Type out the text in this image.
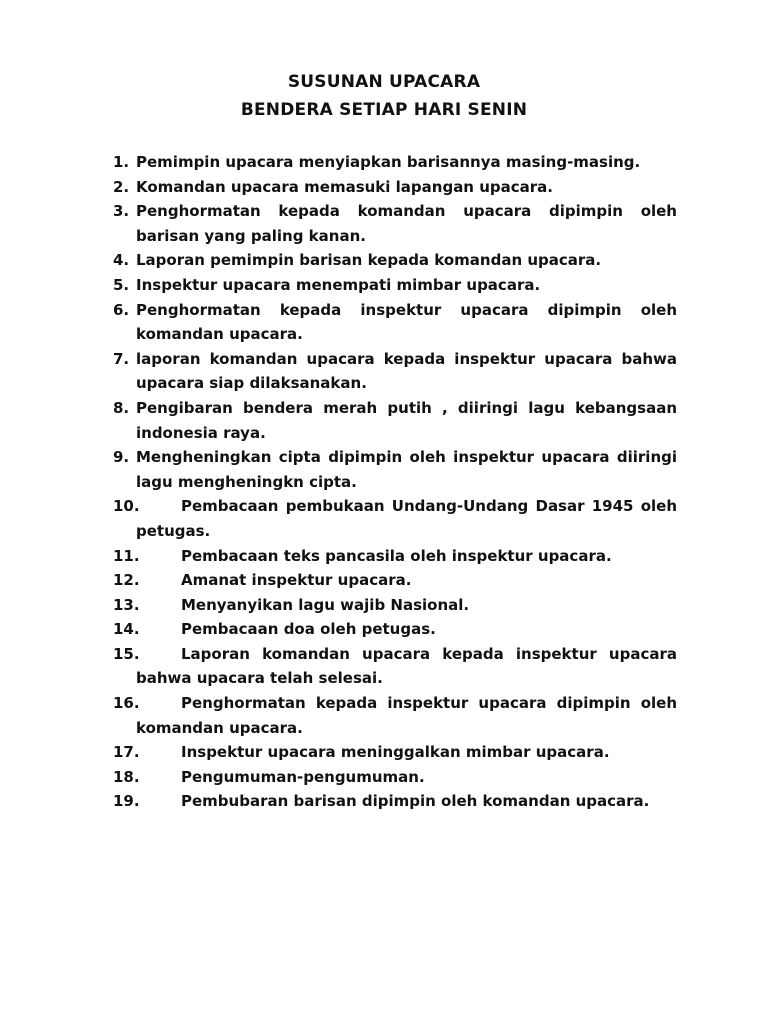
SUSUNAN UPACARA
BENDERA SETIAP HARI SENIN
1. Pemimpin upacara menyiapkan barisannya masing-masing.
2. Komandan upacara memasuki lapangan upacara.
3. Penghormatan kepada komandan upacara dipimpin oleh barisan yang paling kanan.
4. Laporan pemimpin barisan kepada komandan upacara.
5. Inspektur upacara menempati mimbar upacara.
6. Penghormatan kepada inspektur upacara dipimpin oleh komandan upacara.
7. laporan komandan upacara kepada inspektur upacara bahwa upacara siap dilaksanakan.
8. Pengibaran bendera merah putih , diiringi lagu kebangsaan indonesia raya.
9. Mengheningkan cipta dipimpin oleh inspektur upacara diiringi lagu mengheningkn cipta.
10.	Pembacaan pembukaan Undang-Undang Dasar 1945 oleh petugas.
11.	Pembacaan teks pancasila oleh inspektur upacara.
12.	Amanat inspektur upacara.
13.	Menyanyikan lagu wajib Nasional.
14.	Pembacaan doa oleh petugas.
15.	Laporan komandan upacara kepada inspektur upacara bahwa upacara telah selesai.
16.	Penghormatan kepada inspektur upacara dipimpin oleh komandan upacara.
17.	Inspektur upacara meninggalkan mimbar upacara.
18.	Pengumuman-pengumuman.
19.	Pembubaran barisan dipimpin oleh komandan upacara.
